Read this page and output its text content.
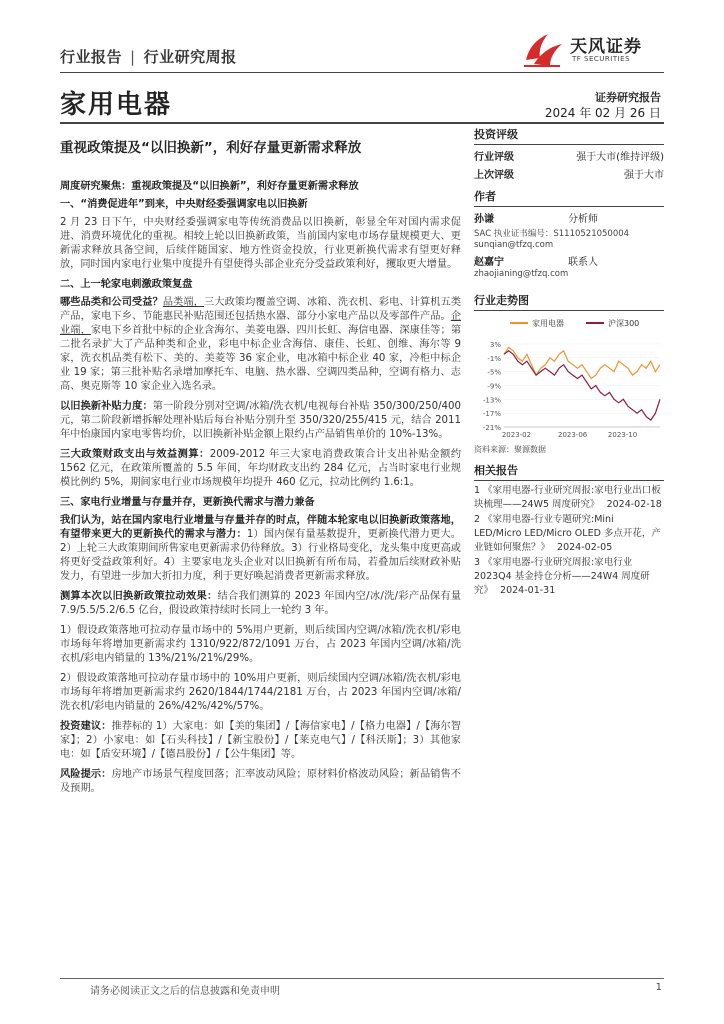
行业报告 | 行业研究周报	天风证券
TF SECURITIES
家用电器	证券研究报告
2024 年 02 月 26 日
重视政策提及“以旧换新”，利好存量更新需求释放
投资评级
行业评级	强于大市(维持评级)
上次评级	强于大市
作者
孙谦	分析师
SAC 执业证书编号：S1110521050004
sunqian@tfzq.com
赵嘉宁	联系人
zhaojianing@tfzq.com
行业走势图
家用电器	沪深300
3%
-1%
-5%
-9%
-13%
-17%
-21%
2023-02	2023-06	2023-10
资料来源：聚源数据
相关报告
1 《家用电器-行业研究周报:家电行业出口板块梳理——24W5 周度研究》 2024-02-18
2 《家用电器-行业专题研究:Mini LED/Micro LED/Micro OLED 多点开花，产业链如何聚焦？》 2024-02-05
3 《家用电器-行业研究周报:家电行业2023Q4 基金持仓分析——24W4 周度研究》 2024-01-31
周度研究聚焦：重视政策提及“以旧换新”，利好存量更新需求释放
一、“消费促进年”到来，中央财经委强调家电以旧换新

2 月 23 日下午，中央财经委强调家电等传统消费品以旧换新，彰显全年对国内需求促进、消费环境优化的重视。相较上轮以旧换新政策，当前国内家电市场存量规模更大、更新需求释放具备空间，后续伴随国家、地方性资金投放，行业更新换代需求有望更好释放，同时国内家电行业集中度提升有望使得头部企业充分受益政策利好，攫取更大增量。

二、上一轮家电刺激政策复盘

哪些品类和公司受益？品类端，三大政策均覆盖空调、冰箱、洗衣机、彩电、计算机五类产品，家电下乡、节能惠民补贴范围还包括热水器、部分小家电产品以及零部件产品。企业端，家电下乡首批中标的企业含海尔、美菱电器、四川长虹、海信电器、深康佳等；第二批名录扩大了产品种类和企业，彩电中标企业含海信、康佳、长虹、创维、海尔等 9 家，洗衣机品类有松下、美的、美菱等 36 家企业，电冰箱中标企业 40 家，冷柜中标企业 19 家；第三批补贴名录增加摩托车、电脑、热水器、空调四类品种，空调有格力、志高、奥克斯等 10 家企业入选名录。

以旧换新补贴力度：第一阶段分别对空调/冰箱/洗衣机/电视每台补贴 350/300/250/400 元，第二阶段新增拆解处理补贴后每台补贴分别升至 350/320/255/415 元，结合 2011 年中怡康国内家电零售均价，以旧换新补贴金额上限约占产品销售单价的 10%-13%。

三大政策财政支出与效益测算：2009-2012 年三大家电消费政策合计支出补贴金额约 1562 亿元，在政策所覆盖的 5.5 年间，年均财政支出约 284 亿元，占当时家电行业规模比例约 5%，期间家电行业市场规模年均提升 460 亿元，拉动比例约 1.6:1。

三、家电行业增量与存量并存，更新换代需求与潜力兼备

我们认为，站在国内家电行业增量与存量并存的时点，伴随本轮家电以旧换新政策落地，有望带来更大的更新换代的需求与潜力：1）国内保有量基数提升，更新换代潜力更大。2）上轮三大政策期间所售家电更新需求仍待释放。3）行业格局变化，龙头集中度更高或将更好受益政策利好。4）主要家电龙头企业对以旧换新有所布局，若叠加后续财政补贴发力，有望进一步加大折扣力度，利于更好唤起消费者更新需求释放。

测算本次以旧换新政策拉动效果：结合我们测算的 2023 年国内空/冰/洗/彩产品保有量 7.9/5.5/5.2/6.5 亿台，假设政策持续时长同上一轮约 3 年。

1）假设政策落地可拉动存量市场中的 5%用户更新，则后续国内空调/冰箱/洗衣机/彩电市场每年将增加更新需求约 1310/922/872/1091 万台，占 2023 年国内空调/冰箱/洗衣机/彩电内销量的 13%/21%/21%/29%。

2）假设政策落地可拉动存量市场中的 10%用户更新，则后续国内空调/冰箱/洗衣机/彩电市场每年将增加更新需求约 2620/1844/1744/2181 万台，占 2023 年国内空调/冰箱/洗衣机/彩电内销量的 26%/42%/42%/57%。

投资建议：推荐标的 1）大家电：如【美的集团】/【海信家电】/【格力电器】/【海尔智家】；2）小家电：如【石头科技】/【新宝股份】/【莱克电气】/【科沃斯】；3）其他家电：如【盾安环境】/【德昌股份】/【公牛集团】等。

风险提示：房地产市场景气程度回落；汇率波动风险；原材料价格波动风险；新品销售不及预期。

请务必阅读正文之后的信息披露和免责申明	1
